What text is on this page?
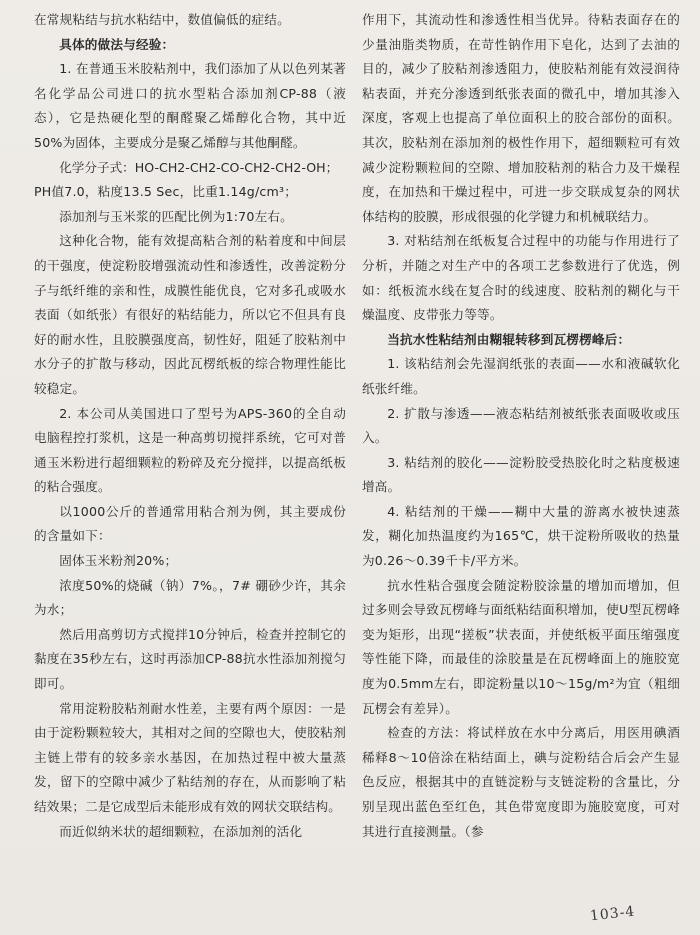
在常规粘结与抗水粘结中，数值偏低的症结。

具体的做法与经验：

1. 在普通玉米胶粘剂中，我们添加了从以色列某著名化学品公司进口的抗水型粘合添加剂CP-88（液态），它是热硬化型的酮醛聚乙烯醇化合物，其中近50%为固体，主要成分是聚乙烯醇与其他酮醛。

化学分子式：HO-CH2-CH2-CO-CH2-CH2-OH；

PH值7.0，粘度13.5 Sec，比重1.14g/cm³；

添加剂与玉米浆的匹配比例为1:70左右。

这种化合物，能有效提高粘合剂的粘着度和中间层的干强度，使淀粉胶增强流动性和渗透性，改善淀粉分子与纸纤维的亲和性，成膜性能优良，它对多孔或吸水表面（如纸张）有很好的粘结能力，所以它不但具有良好的耐水性，且胶膜强度高，韧性好，阻延了胶粘剂中水分子的扩散与移动，因此瓦楞纸板的综合物理性能比较稳定。

2. 本公司从美国进口了型号为APS-360的全自动电脑程控打浆机，这是一种高剪切搅拌系统，它可对普通玉米粉进行超细颗粒的粉碎及充分搅拌，以提高纸板的粘合强度。

以1000公斤的普通常用粘合剂为例，其主要成份的含量如下：

固体玉米粉剂20%；

浓度50%的烧碱（钠）7%。，7# 硼砂少许，其余为水；

然后用高剪切方式搅拌10分钟后，检查并控制它的黏度在35秒左右，这时再添加CP-88抗水性添加剂搅匀即可。

常用淀粉胶粘剂耐水性差，主要有两个原因：一是由于淀粉颗粒较大，其相对之间的空隙也大，使胶粘剂主链上带有的较多亲水基因，在加热过程中被大量蒸发，留下的空隙中减少了粘结剂的存在，从而影响了粘结效果；二是它成型后未能形成有效的网状交联结构。

而近似纳米状的超细颗粒，在添加剂的活化

作用下，其流动性和渗透性相当优异。待粘表面存在的少量油脂类物质，在苛性钠作用下皂化，达到了去油的目的，减少了胶粘剂渗透阻力，使胶粘剂能有效浸润待粘表面，并充分渗透到纸张表面的微孔中，增加其渗入深度，客观上也提高了单位面积上的胶合部份的面积。其次，胶粘剂在添加剂的极性作用下，超细颗粒可有效减少淀粉颗粒间的空隙、增加胶粘剂的粘合力及干燥程度，在加热和干燥过程中，可进一步交联成复杂的网状体结构的胶膜，形成很强的化学键力和机械联结力。

3. 对粘结剂在纸板复合过程中的功能与作用进行了分析，并随之对生产中的各项工艺参数进行了优选，例如：纸板流水线在复合时的线速度、胶粘剂的糊化与干燥温度、皮带张力等等。

当抗水性粘结剂由糊辊转移到瓦楞楞峰后：

1. 该粘结剂会先湿润纸张的表面——水和液碱软化纸张纤维。

2. 扩散与渗透——液态粘结剂被纸张表面吸收或压入。

3. 粘结剂的胶化——淀粉胶受热胶化时之粘度极速增高。

4. 粘结剂的干燥——糊中大量的游离水被快速蒸发，糊化加热温度约为165℃，烘干淀粉所吸收的热量为0.26～0.39千卡/平方米。

抗水性粘合强度会随淀粉胶涂量的增加而增加，但过多则会导致瓦楞峰与面纸粘结面积增加，使U型瓦楞峰变为矩形，出现“搓板”状表面，并使纸板平面压缩强度等性能下降，而最佳的涂胶量是在瓦楞峰面上的施胶宽度为0.5mm左右，即淀粉量以10～15g/m²为宜（粗细瓦楞会有差异）。

检查的方法：将试样放在水中分离后，用医用碘酒稀释8～10倍涂在粘结面上，碘与淀粉结合后会产生显色反应，根据其中的直链淀粉与支链淀粉的含量比，分别呈现出蓝色至红色，其色带宽度即为施胶宽度，可对其进行直接测量。（参

103-4
